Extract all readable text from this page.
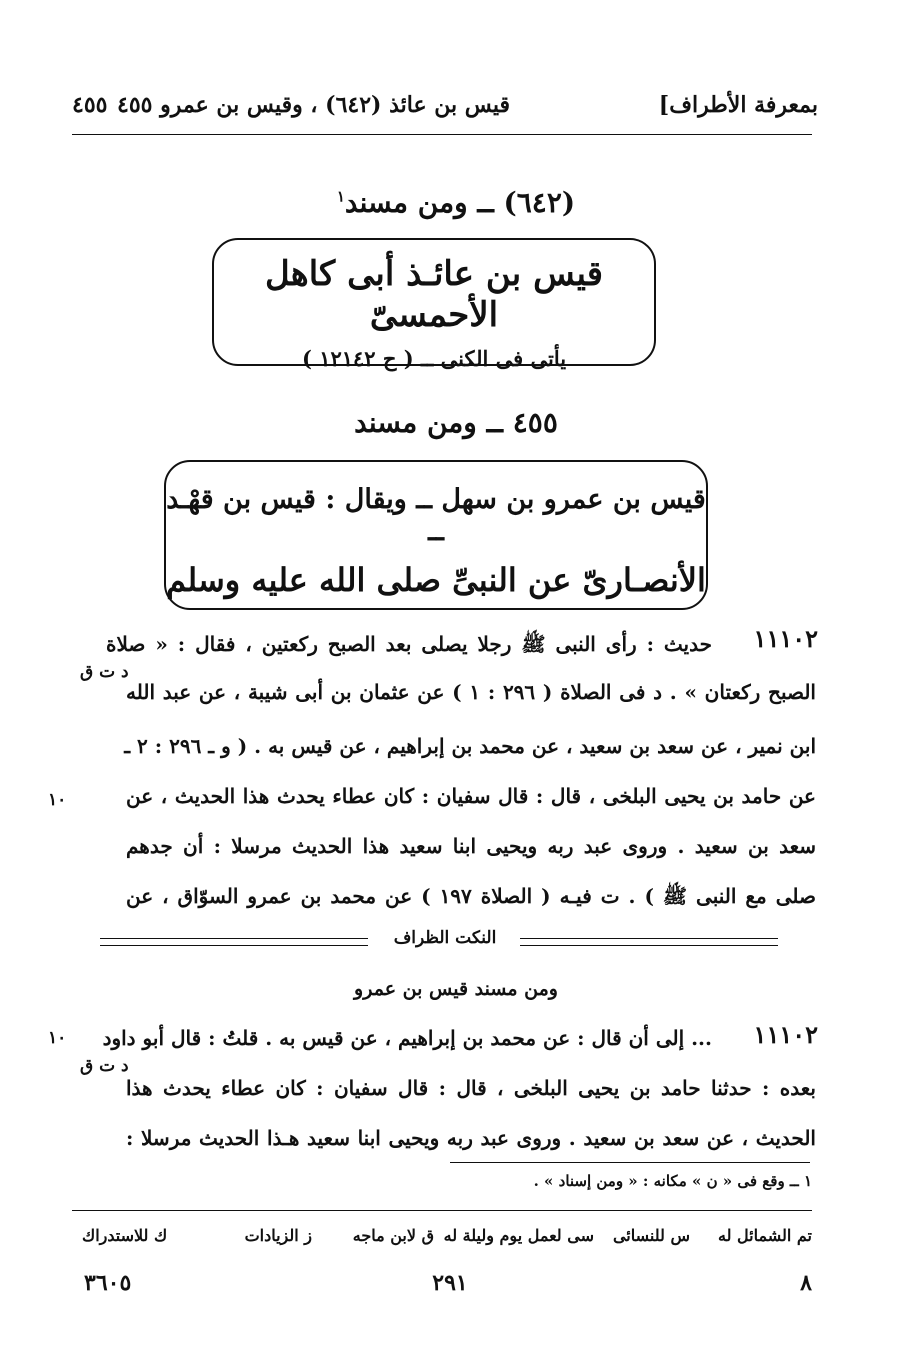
بمعرفة الأطراف]
قيس بن عائذ (٦٤٢) ، وقيس بن عمرو ٤٥٥
٤٥٥
(٦٤٢) ــ ومن مسند$^١$
قيس بن عائـذ أبى كاهل الأحمسىّ
يأتى فى الكنى ــ ( ح ١٢١٤٢ )
٤٥٥ ــ ومن مسند
قيس بن عمرو بن سهل ــ ويقال : قيس بن قهْـد ــ
الأنصـارىّ عن النبىِّ صلى الله عليه وسلم
١١١٠٢
د ت ق
١٠
حديث : رأى النبى ﷺ رجلا يصلى بعد الصبح ركعتين ، فقال : « صلاة
الصبح ركعتان » . د فى الصلاة ( ٢٩٦ : ١ ) عن عثمان بن أبى شيبة ، عن عبد الله
ابن نمير ، عن سعد بن سعيد ، عن محمد بن إبراهيم ، عن قيس به . ( و ـ ٢٩٦ : ٢ ـ
عن حامد بن يحيى البلخى ، قال : قال سفيان : كان عطاء يحدث هذا الحديث ، عن
سعد بن سعيد . وروى عبد ربه ويحيى ابنا سعيد هذا الحديث مرسلا : أن جدهم
صلى مع النبى ﷺ ) . ت فيـه ( الصلاة ١٩٧ ) عن محمد بن عمرو السوّاق ، عن
النكت الظراف
ومن مسند قيس بن عمرو
١١١٠٢
د ت ق
١٠ ... إلى أن قال : عن محمد بن إبراهيم ، عن قيس به . قلتُ : قال أبو داود
بعده : حدثنا حامد بن يحيى البلخى ، قال : قال سفيان : كان عطاء يحدث هذا
الحديث ، عن سعد بن سعيد . وروى عبد ربه ويحيى ابنا سعيد هـذا الحديث مرسلا :
١ ــ وقع فى « ن » مكانه : « ومن إسناد » .
تم الشمائل له
س للنسائى
سى لعمل يوم وليلة له
ق لابن ماجه
ز الزيادات
ك للاستدراك
٨
٢٩١
٣٦٠٥
